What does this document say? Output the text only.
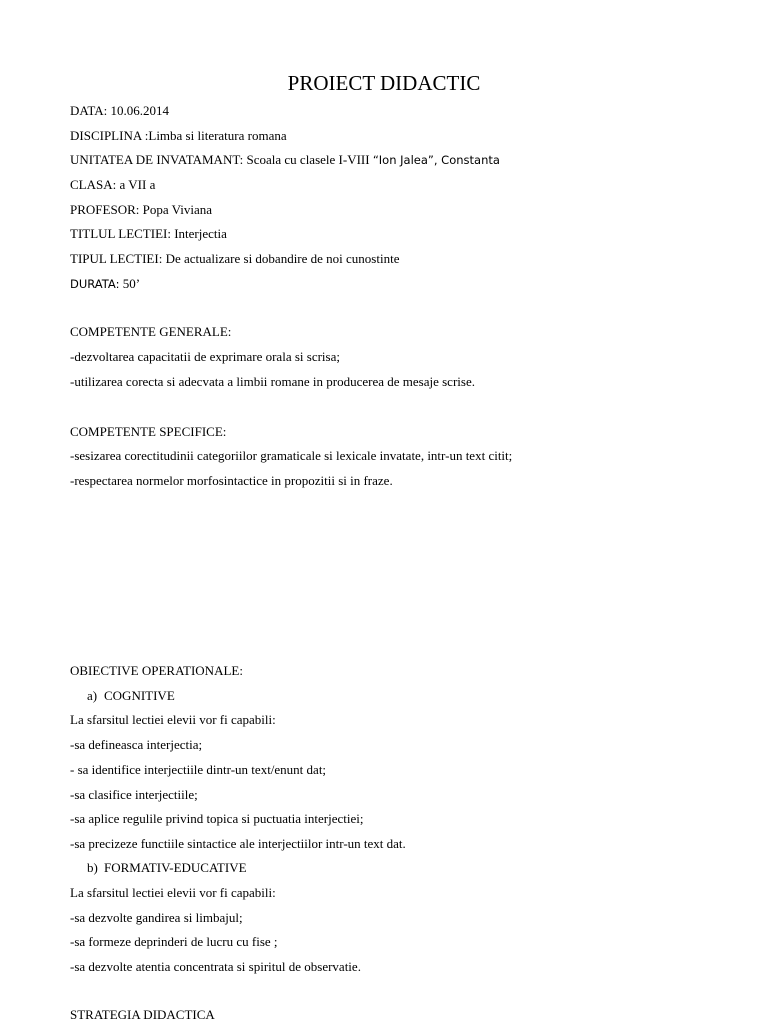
PROIECT DIDACTIC
DATA: 10.06.2014
DISCIPLINA :Limba si literatura romana
UNITATEA DE INVATAMANT: Scoala cu clasele I-VIII “Ion Jalea”, Constanta
CLASA: a VII a
PROFESOR: Popa Viviana
TITLUL LECTIEI: Interjectia
TIPUL LECTIEI: De actualizare si dobandire de noi cunostinte
DURATA: 50’
COMPETENTE GENERALE:
-dezvoltarea capacitatii de exprimare orala si scrisa;
-utilizarea corecta si adecvata a limbii romane in producerea de mesaje scrise.
COMPETENTE SPECIFICE:
-sesizarea corectitudinii categoriilor gramaticale si lexicale invatate, intr-un text citit;
-respectarea normelor morfosintactice in propozitii si in fraze.
OBIECTIVE OPERATIONALE:
a) COGNITIVE
La sfarsitul lectiei elevii vor fi capabili:
-sa defineasca interjectia;
- sa identifice interjectiile dintr-un text/enunt dat;
-sa clasifice interjectiile;
-sa aplice regulile privind topica si puctuatia interjectiei;
-sa precizeze functiile sintactice ale interjectiilor intr-un text dat.
b) FORMATIV-EDUCATIVE
La sfarsitul lectiei elevii vor fi capabili:
-sa dezvolte gandirea si limbajul;
-sa formeze deprinderi de lucru cu fise ;
-sa dezvolte atentia concentrata si spiritul de observatie.
STRATEGIA DIDACTICA
